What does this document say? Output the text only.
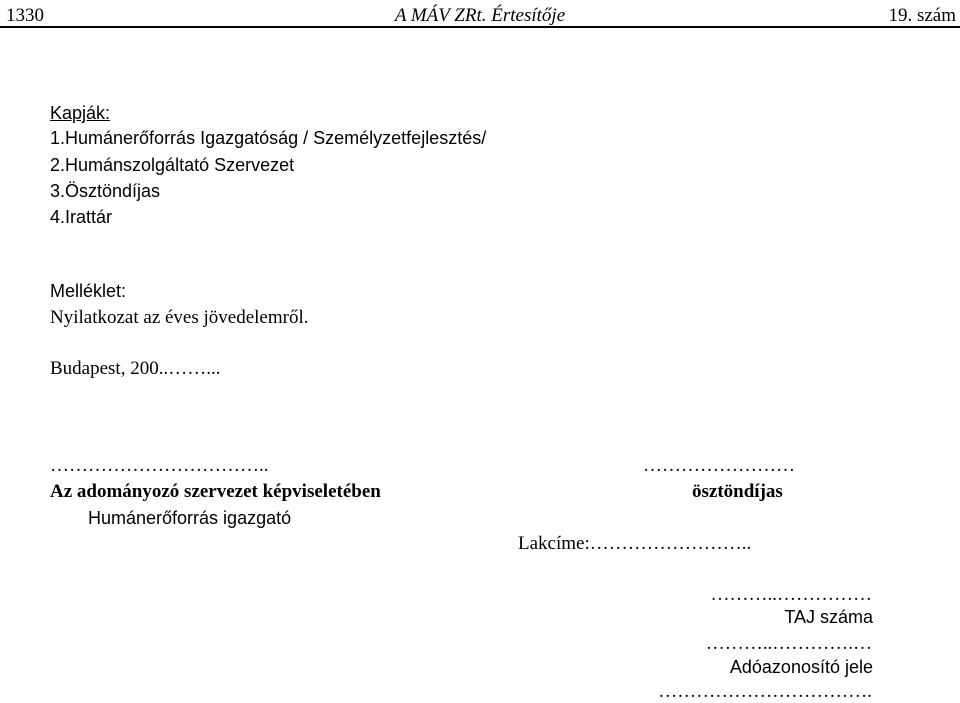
1330	A MÁV ZRt. Értesítője	19. szám
Kapják:
1.Humánerőforrás Igazgatóság / Személyzetfejlesztés/
2.Humánszolgáltató Szervezet
3.Ösztöndíjas
4.Irattár
Melléklet:
Nyilatkozat az éves jövedelemről.
Budapest, 200..……...
……………………………..
Az adományozó szervezet képviseletében
Humánerőforrás igazgató
……………………
ösztöndíjas
Lakcíme:……………………..
………..……………
TAJ száma
………..………….…
Adóazonosító jele
…………………………….
